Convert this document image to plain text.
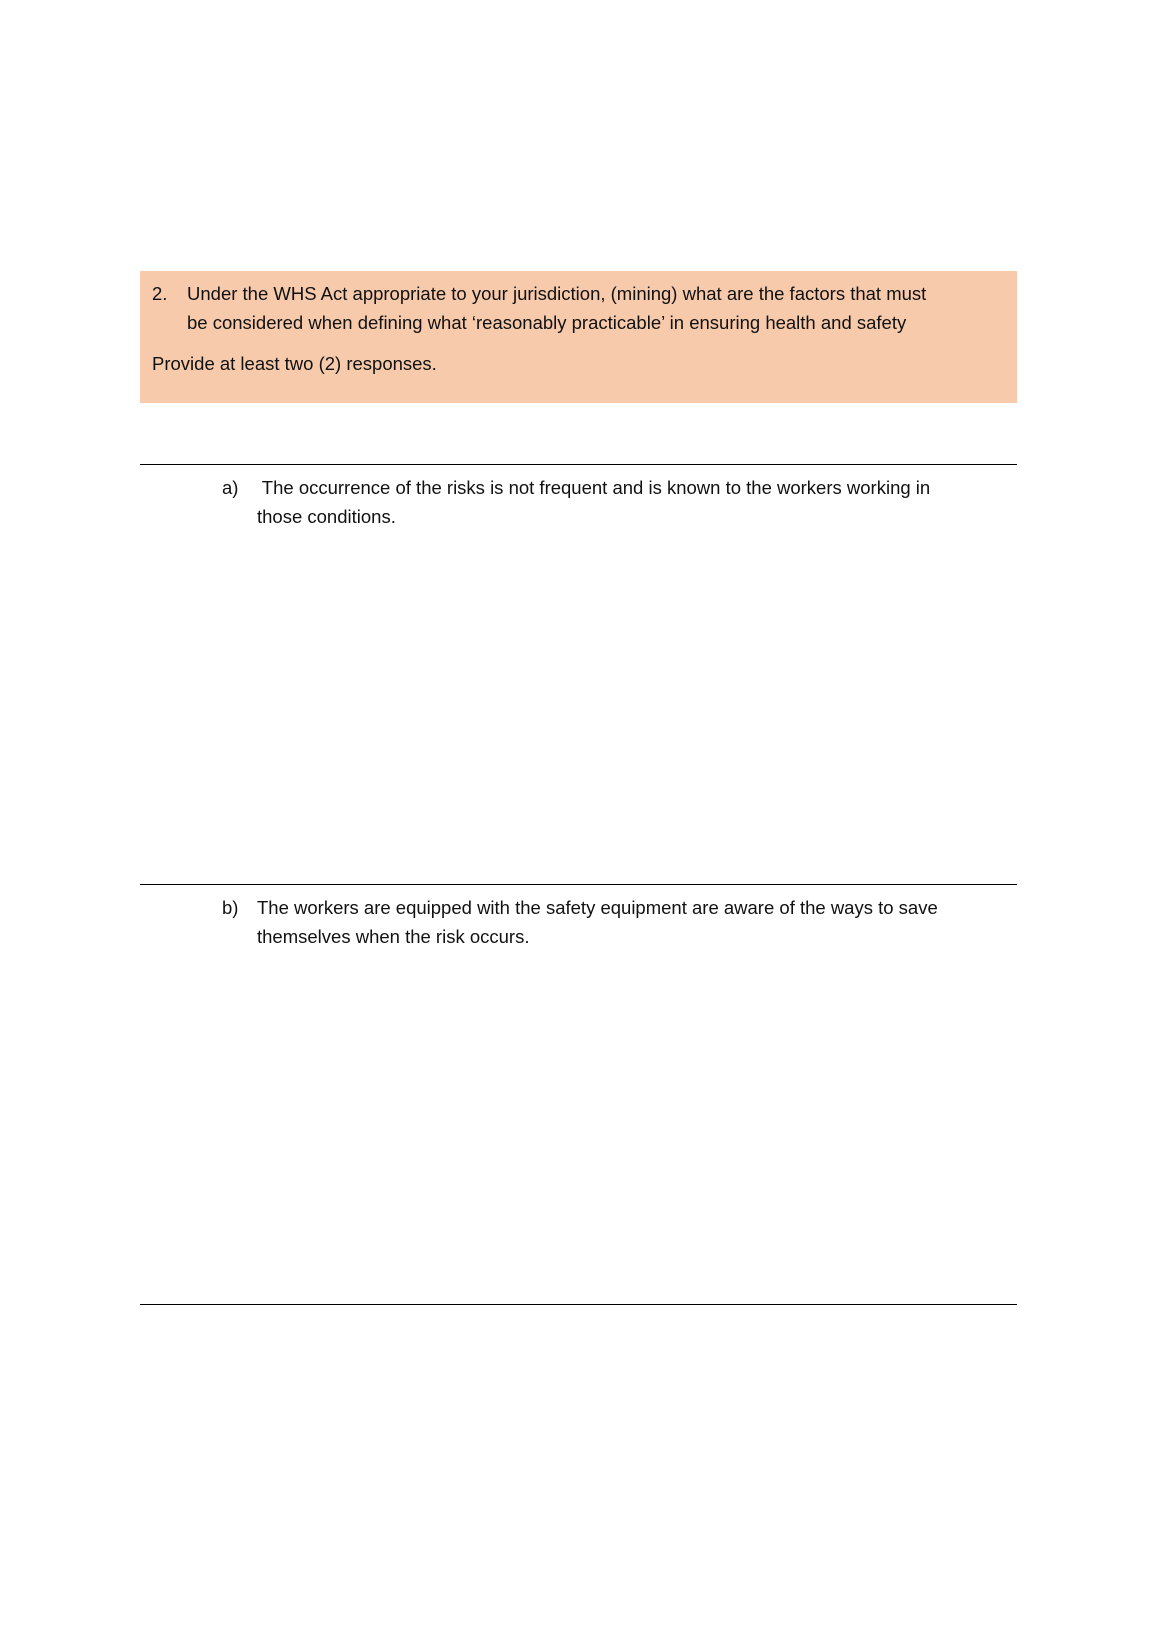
2. Under the WHS Act appropriate to your jurisdiction, (mining) what are the factors that must
be considered when defining what ‘reasonably practicable’ in ensuring health and safety
Provide at least two (2) responses.
a) The occurrence of the risks is not frequent and is known to the workers working in
those conditions.
b) The workers are equipped with the safety equipment are aware of the ways to save
themselves when the risk occurs.
